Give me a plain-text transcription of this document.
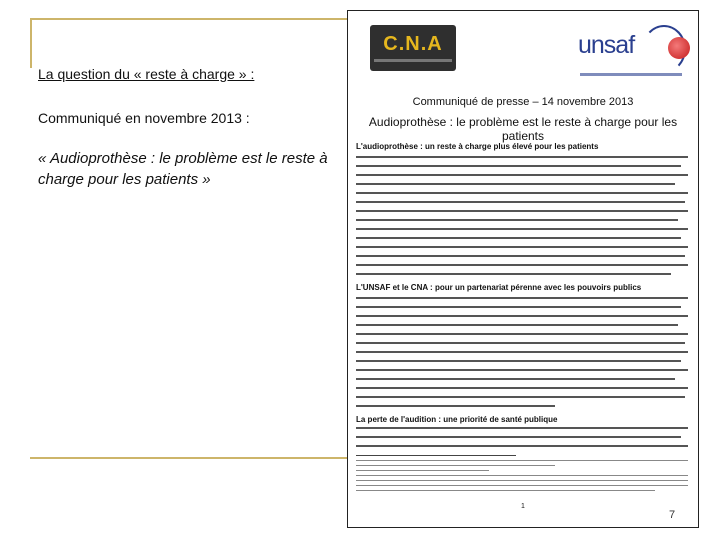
La question du « reste à charge » :
Communiqué en novembre 2013 :
« Audioprothèse : le problème est le reste à charge pour les patients »
C.N.A	unsaf
Communiqué de presse – 14 novembre 2013
Audioprothèse : le problème est le reste à charge pour les patients
L'audioprothèse : un reste à charge plus élevé pour les patients
L'UNSAF et le CNA : pour un partenariat pérenne avec les pouvoirs publics
La perte de l'audition : une priorité de santé publique
1
7
